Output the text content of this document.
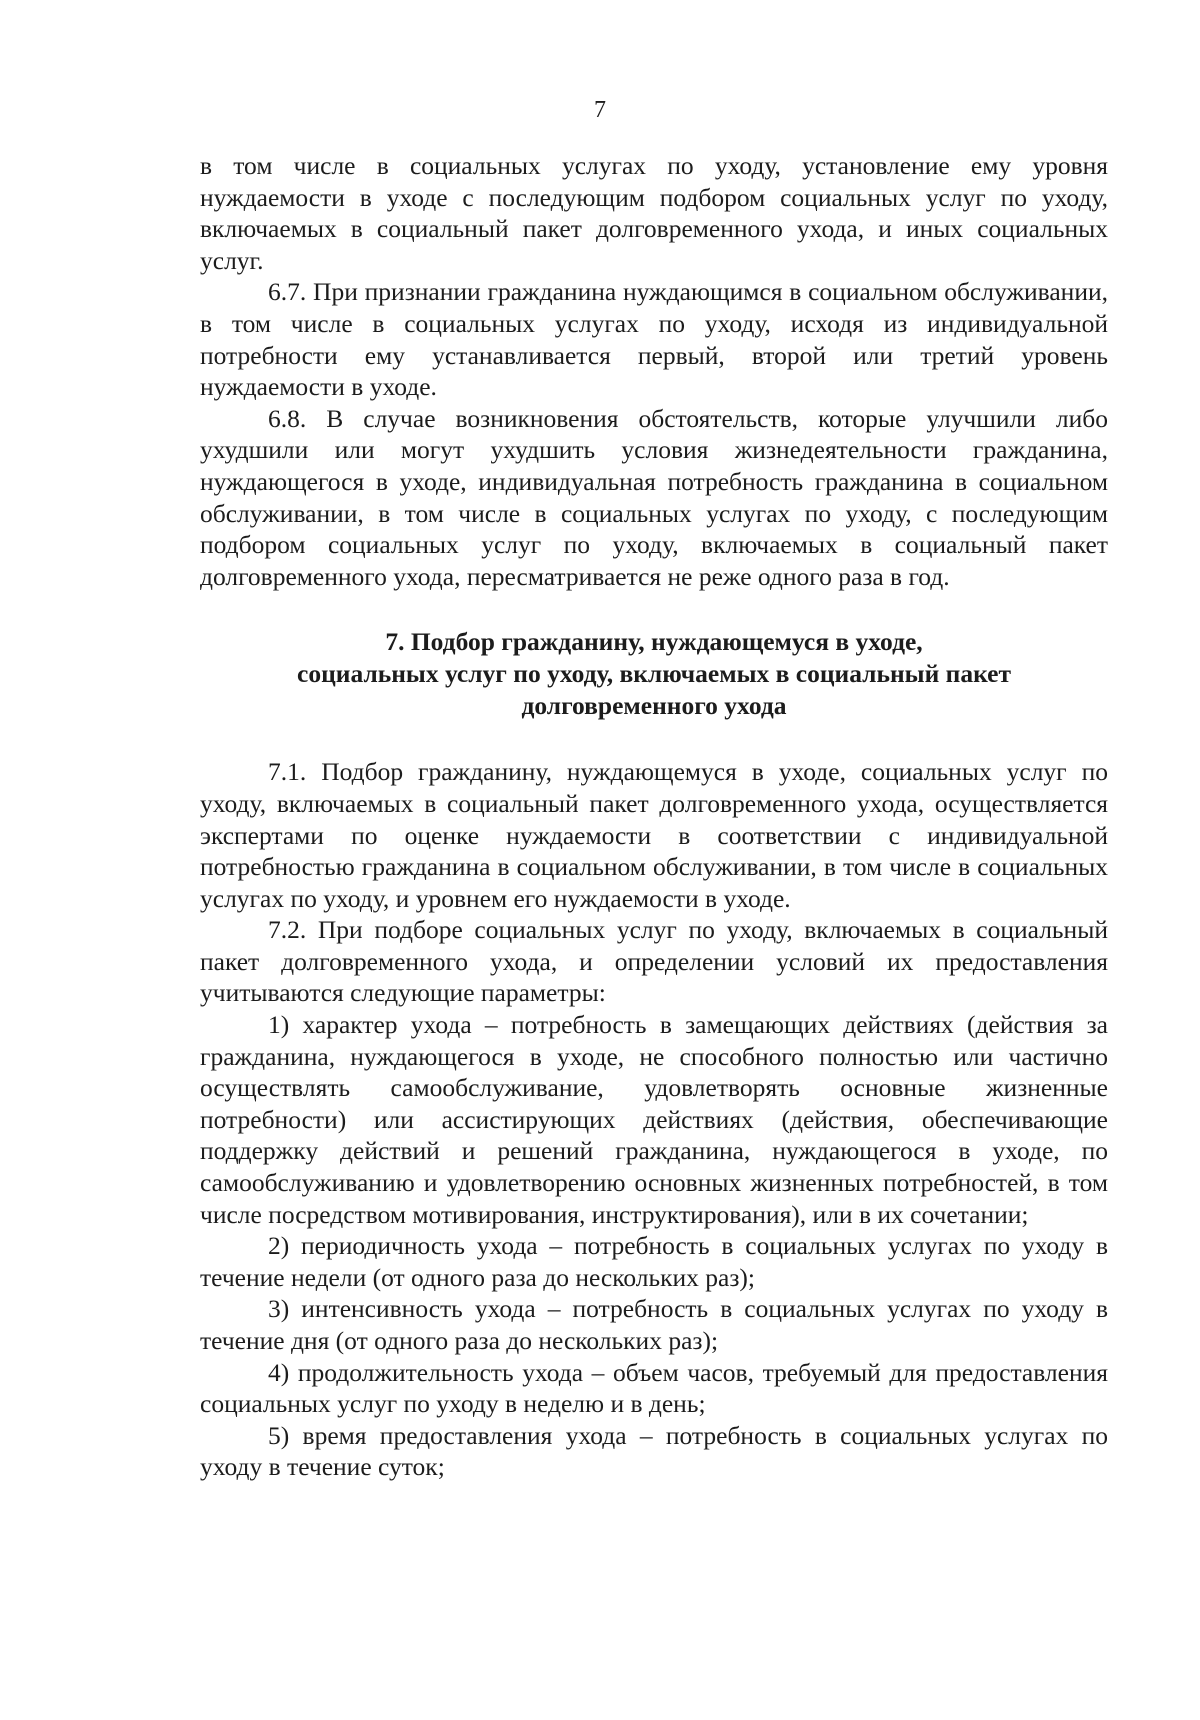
7

в том числе в социальных услугах по уходу, установление ему уровня нуждаемости в уходе с последующим подбором социальных услуг по уходу, включаемых в социальный пакет долговременного ухода, и иных социальных услуг.

6.7. При признании гражданина нуждающимся в социальном обслуживании, в том числе в социальных услугах по уходу, исходя из индивидуальной потребности ему устанавливается первый, второй или третий уровень нуждаемости в уходе.

6.8. В случае возникновения обстоятельств, которые улучшили либо ухудшили или могут ухудшить условия жизнедеятельности гражданина, нуждающегося в уходе, индивидуальная потребность гражданина в социальном обслуживании, в том числе в социальных услугах по уходу, с последующим подбором социальных услуг по уходу, включаемых в социальный пакет долговременного ухода, пересматривается не реже одного раза в год.

7. Подбор гражданину, нуждающемуся в уходе,
социальных услуг по уходу, включаемых в социальный пакет
долговременного ухода

7.1. Подбор гражданину, нуждающемуся в уходе, социальных услуг по уходу, включаемых в социальный пакет долговременного ухода, осуществляется экспертами по оценке нуждаемости в соответствии с индивидуальной потребностью гражданина в социальном обслуживании, в том числе в социальных услугах по уходу, и уровнем его нуждаемости в уходе.

7.2. При подборе социальных услуг по уходу, включаемых в социальный пакет долговременного ухода, и определении условий их предоставления учитываются следующие параметры:

1) характер ухода – потребность в замещающих действиях (действия за гражданина, нуждающегося в уходе, не способного полностью или частично осуществлять самообслуживание, удовлетворять основные жизненные потребности) или ассистирующих действиях (действия, обеспечивающие поддержку действий и решений гражданина, нуждающегося в уходе, по самообслуживанию и удовлетворению основных жизненных потребностей, в том числе посредством мотивирования, инструктирования), или в их сочетании;

2) периодичность ухода – потребность в социальных услугах по уходу в течение недели (от одного раза до нескольких раз);

3) интенсивность ухода – потребность в социальных услугах по уходу в течение дня (от одного раза до нескольких раз);

4) продолжительность ухода – объем часов, требуемый для предоставления социальных услуг по уходу в неделю и в день;

5) время предоставления ухода – потребность в социальных услугах по уходу в течение суток;
